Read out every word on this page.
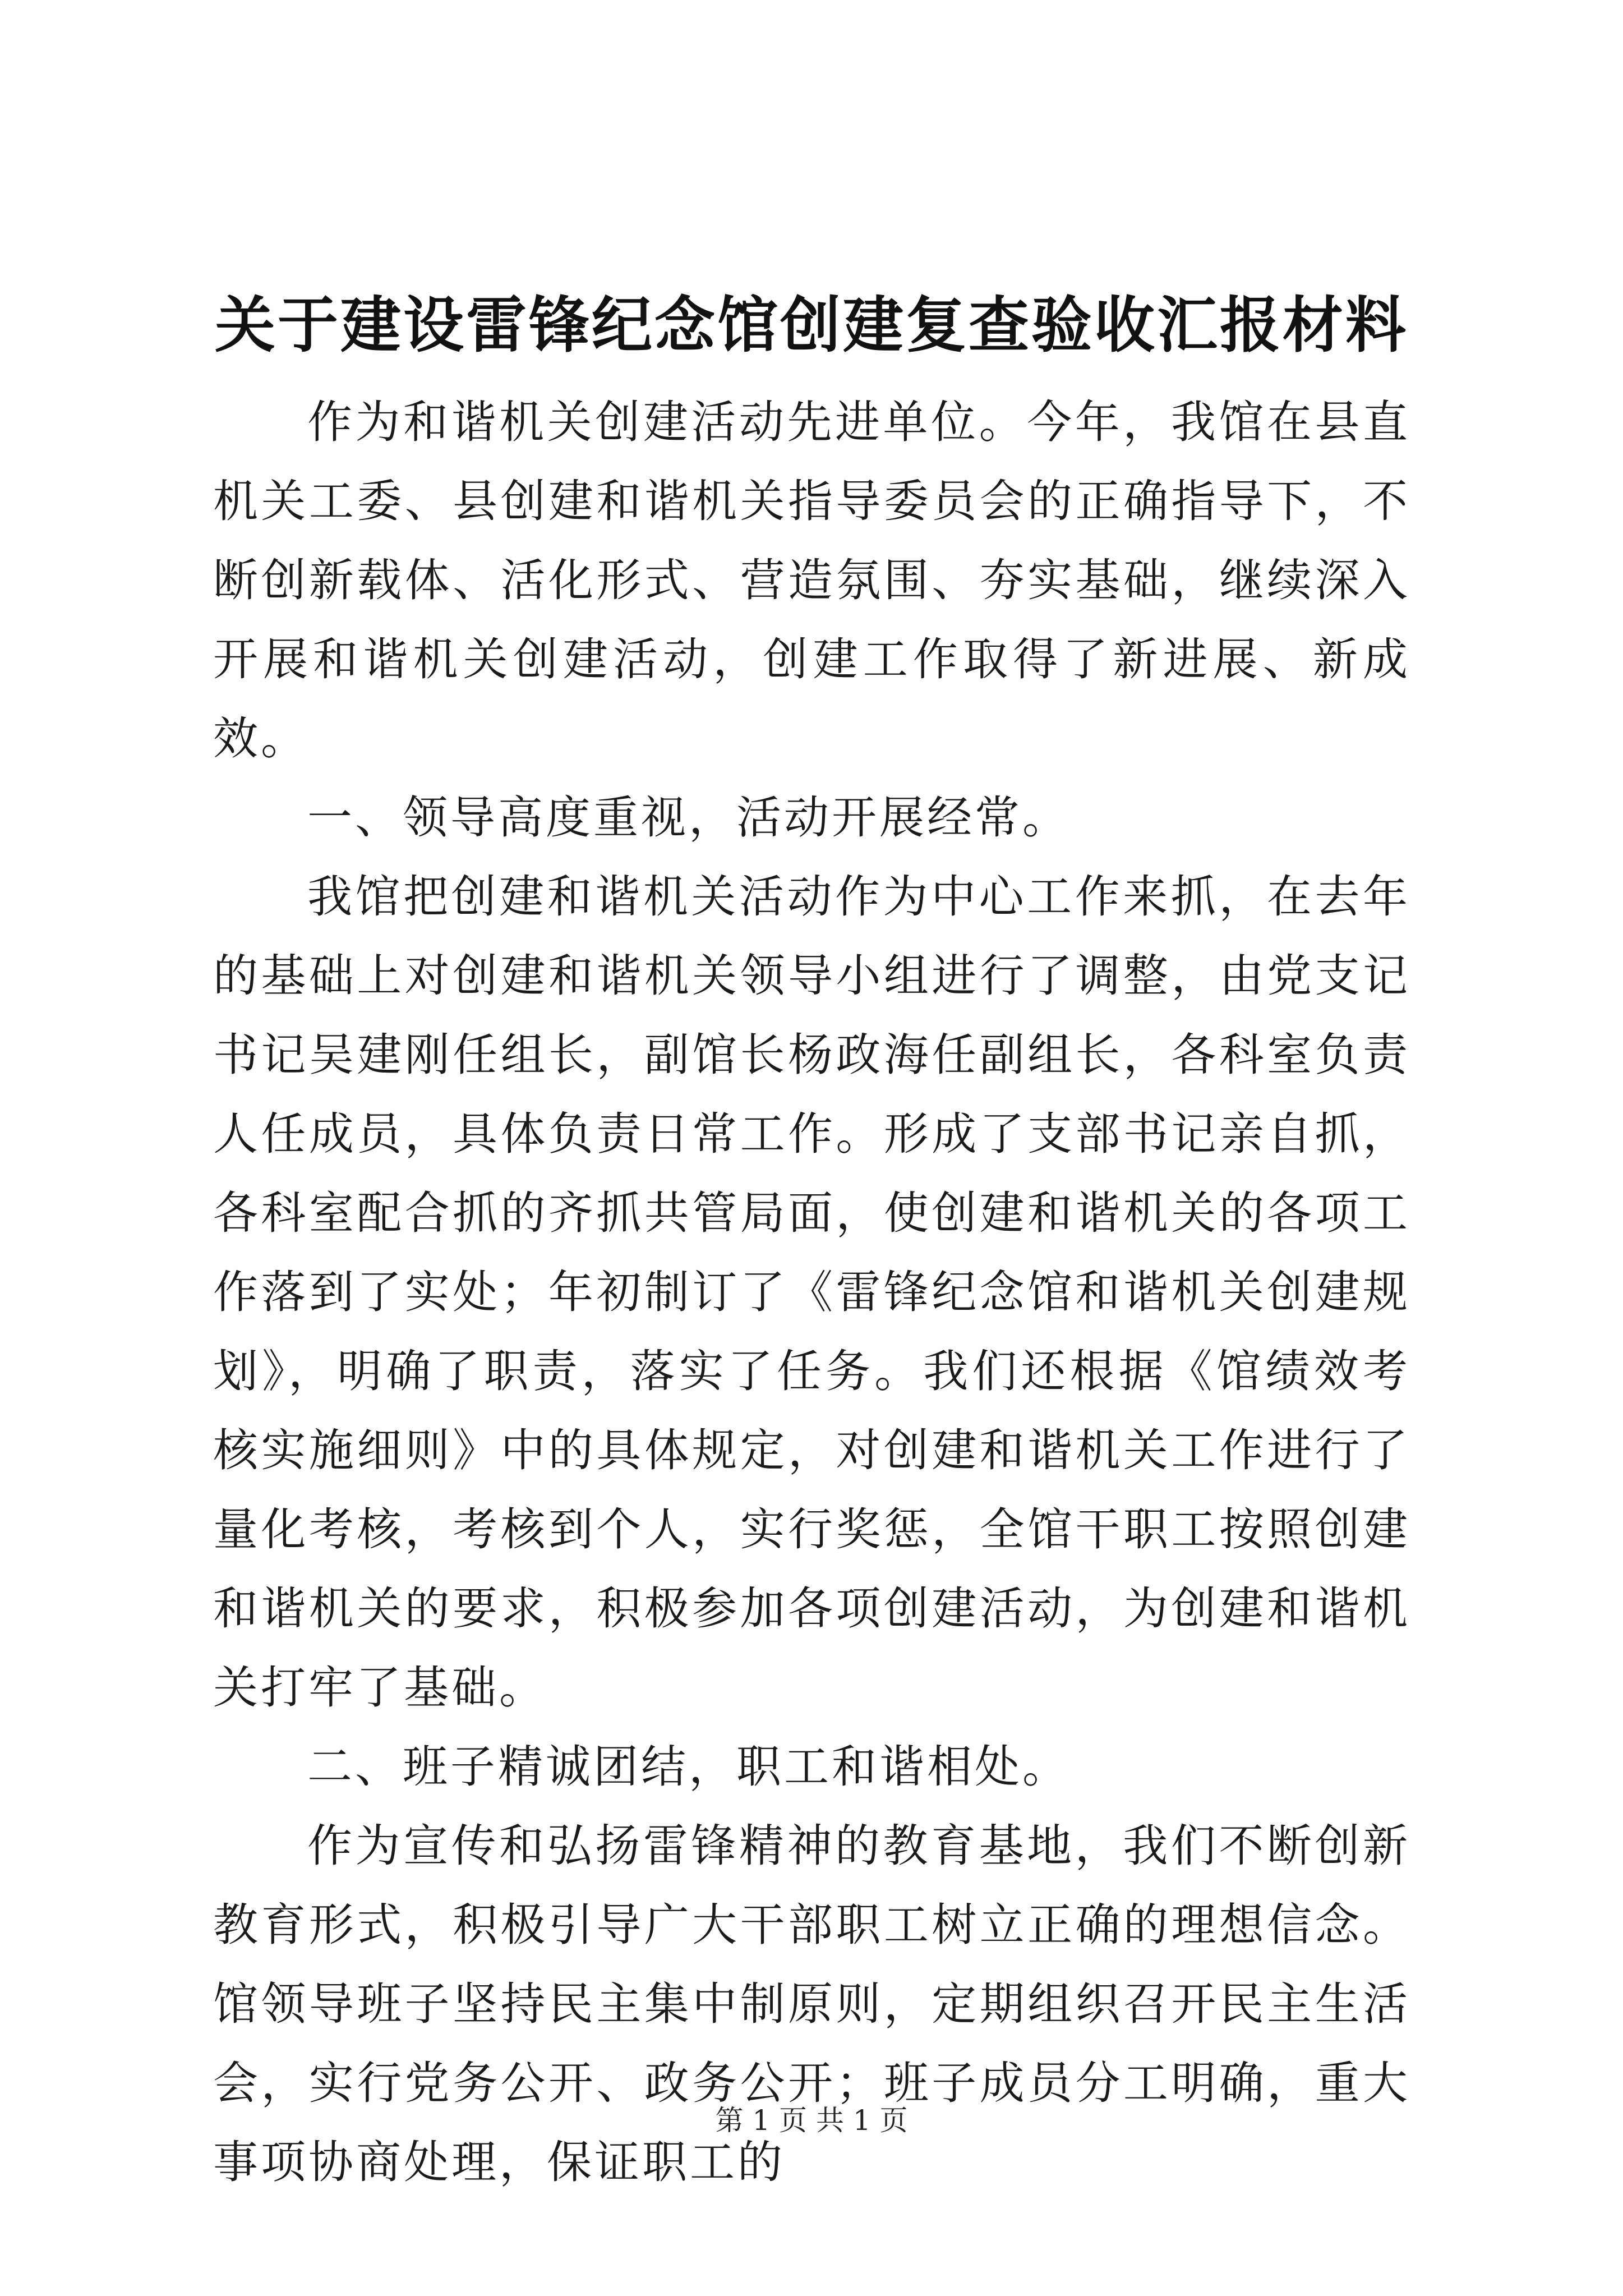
关于建设雷锋纪念馆创建复查验收汇报材料

作为和谐机关创建活动先进单位。今年，我馆在县直机关工委、县创建和谐机关指导委员会的正确指导下，不断创新载体、活化形式、营造氛围、夯实基础，继续深入开展和谐机关创建活动，创建工作取得了新进展、新成效。

一、领导高度重视，活动开展经常。

我馆把创建和谐机关活动作为中心工作来抓，在去年的基础上对创建和谐机关领导小组进行了调整，由党支记书记吴建刚任组长，副馆长杨政海任副组长，各科室负责人任成员，具体负责日常工作。形成了支部书记亲自抓，各科室配合抓的齐抓共管局面，使创建和谐机关的各项工作落到了实处；年初制订了《雷锋纪念馆和谐机关创建规划》，明确了职责，落实了任务。我们还根据《馆绩效考核实施细则》中的具体规定，对创建和谐机关工作进行了量化考核，考核到个人，实行奖惩，全馆干职工按照创建和谐机关的要求，积极参加各项创建活动，为创建和谐机关打牢了基础。

二、班子精诚团结，职工和谐相处。

作为宣传和弘扬雷锋精神的教育基地，我们不断创新教育形式，积极引导广大干部职工树立正确的理想信念。馆领导班子坚持民主集中制原则，定期组织召开民主生活会，实行党务公开、政务公开；班子成员分工明确，重大事项协商处理，保证职工的

第 1 页 共 1 页
